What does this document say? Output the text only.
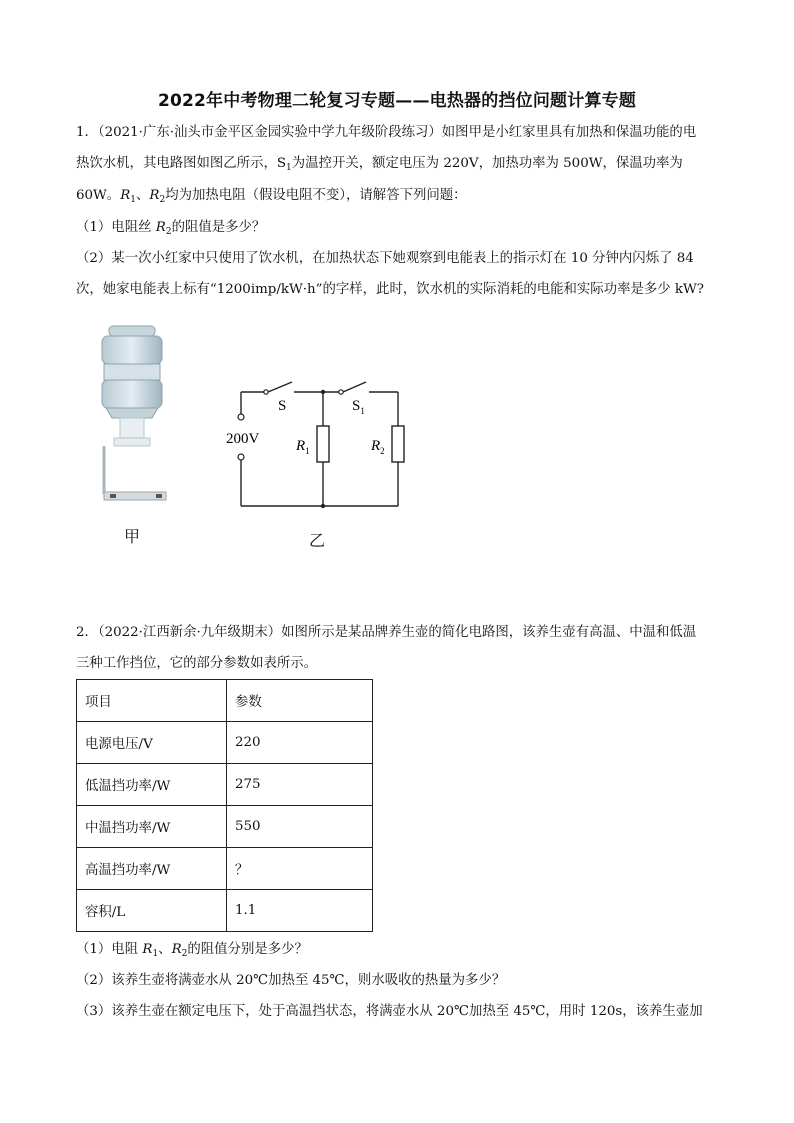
2022年中考物理二轮复习专题——电热器的挡位问题计算专题
1．（2021·广东·汕头市金平区金园实验中学九年级阶段练习）如图甲是小红家里具有加热和保温功能的电
热饮水机，其电路图如图乙所示，$S_1$为温控开关，额定电压为 220V，加热功率为 500W，保温功率为
60W。$R_1$、$R_2$均为加热电阻（假设电阻不变），请解答下列问题：
（1）电阻丝 $R_2$的阻值是多少？
（2）某一次小红家中只使用了饮水机，在加热状态下她观察到电能表上的指示灯在 10 分钟内闪烁了 84
次，她家电能表上标有“1200imp/kW·h”的字样，此时，饮水机的实际消耗的电能和实际功率是多少 kW?
甲
200V
S	$S_1$
$R_1$	$R_2$
乙
2．（2022·江西新余·九年级期末）如图所示是某品牌养生壶的简化电路图，该养生壶有高温、中温和低温
三种工作挡位，它的部分参数如表所示。
项目	参数
电源电压/V	220
低温挡功率/W	275
中温挡功率/W	550
高温挡功率/W	？
容积/L	1.1
（1）电阻 $R_1$、$R_2$的阻值分别是多少？
（2）该养生壶将满壶水从 20℃加热至 45℃，则水吸收的热量为多少？
（3）该养生壶在额定电压下，处于高温挡状态，将满壶水从 20℃加热至 45℃，用时 120s，该养生壶加
